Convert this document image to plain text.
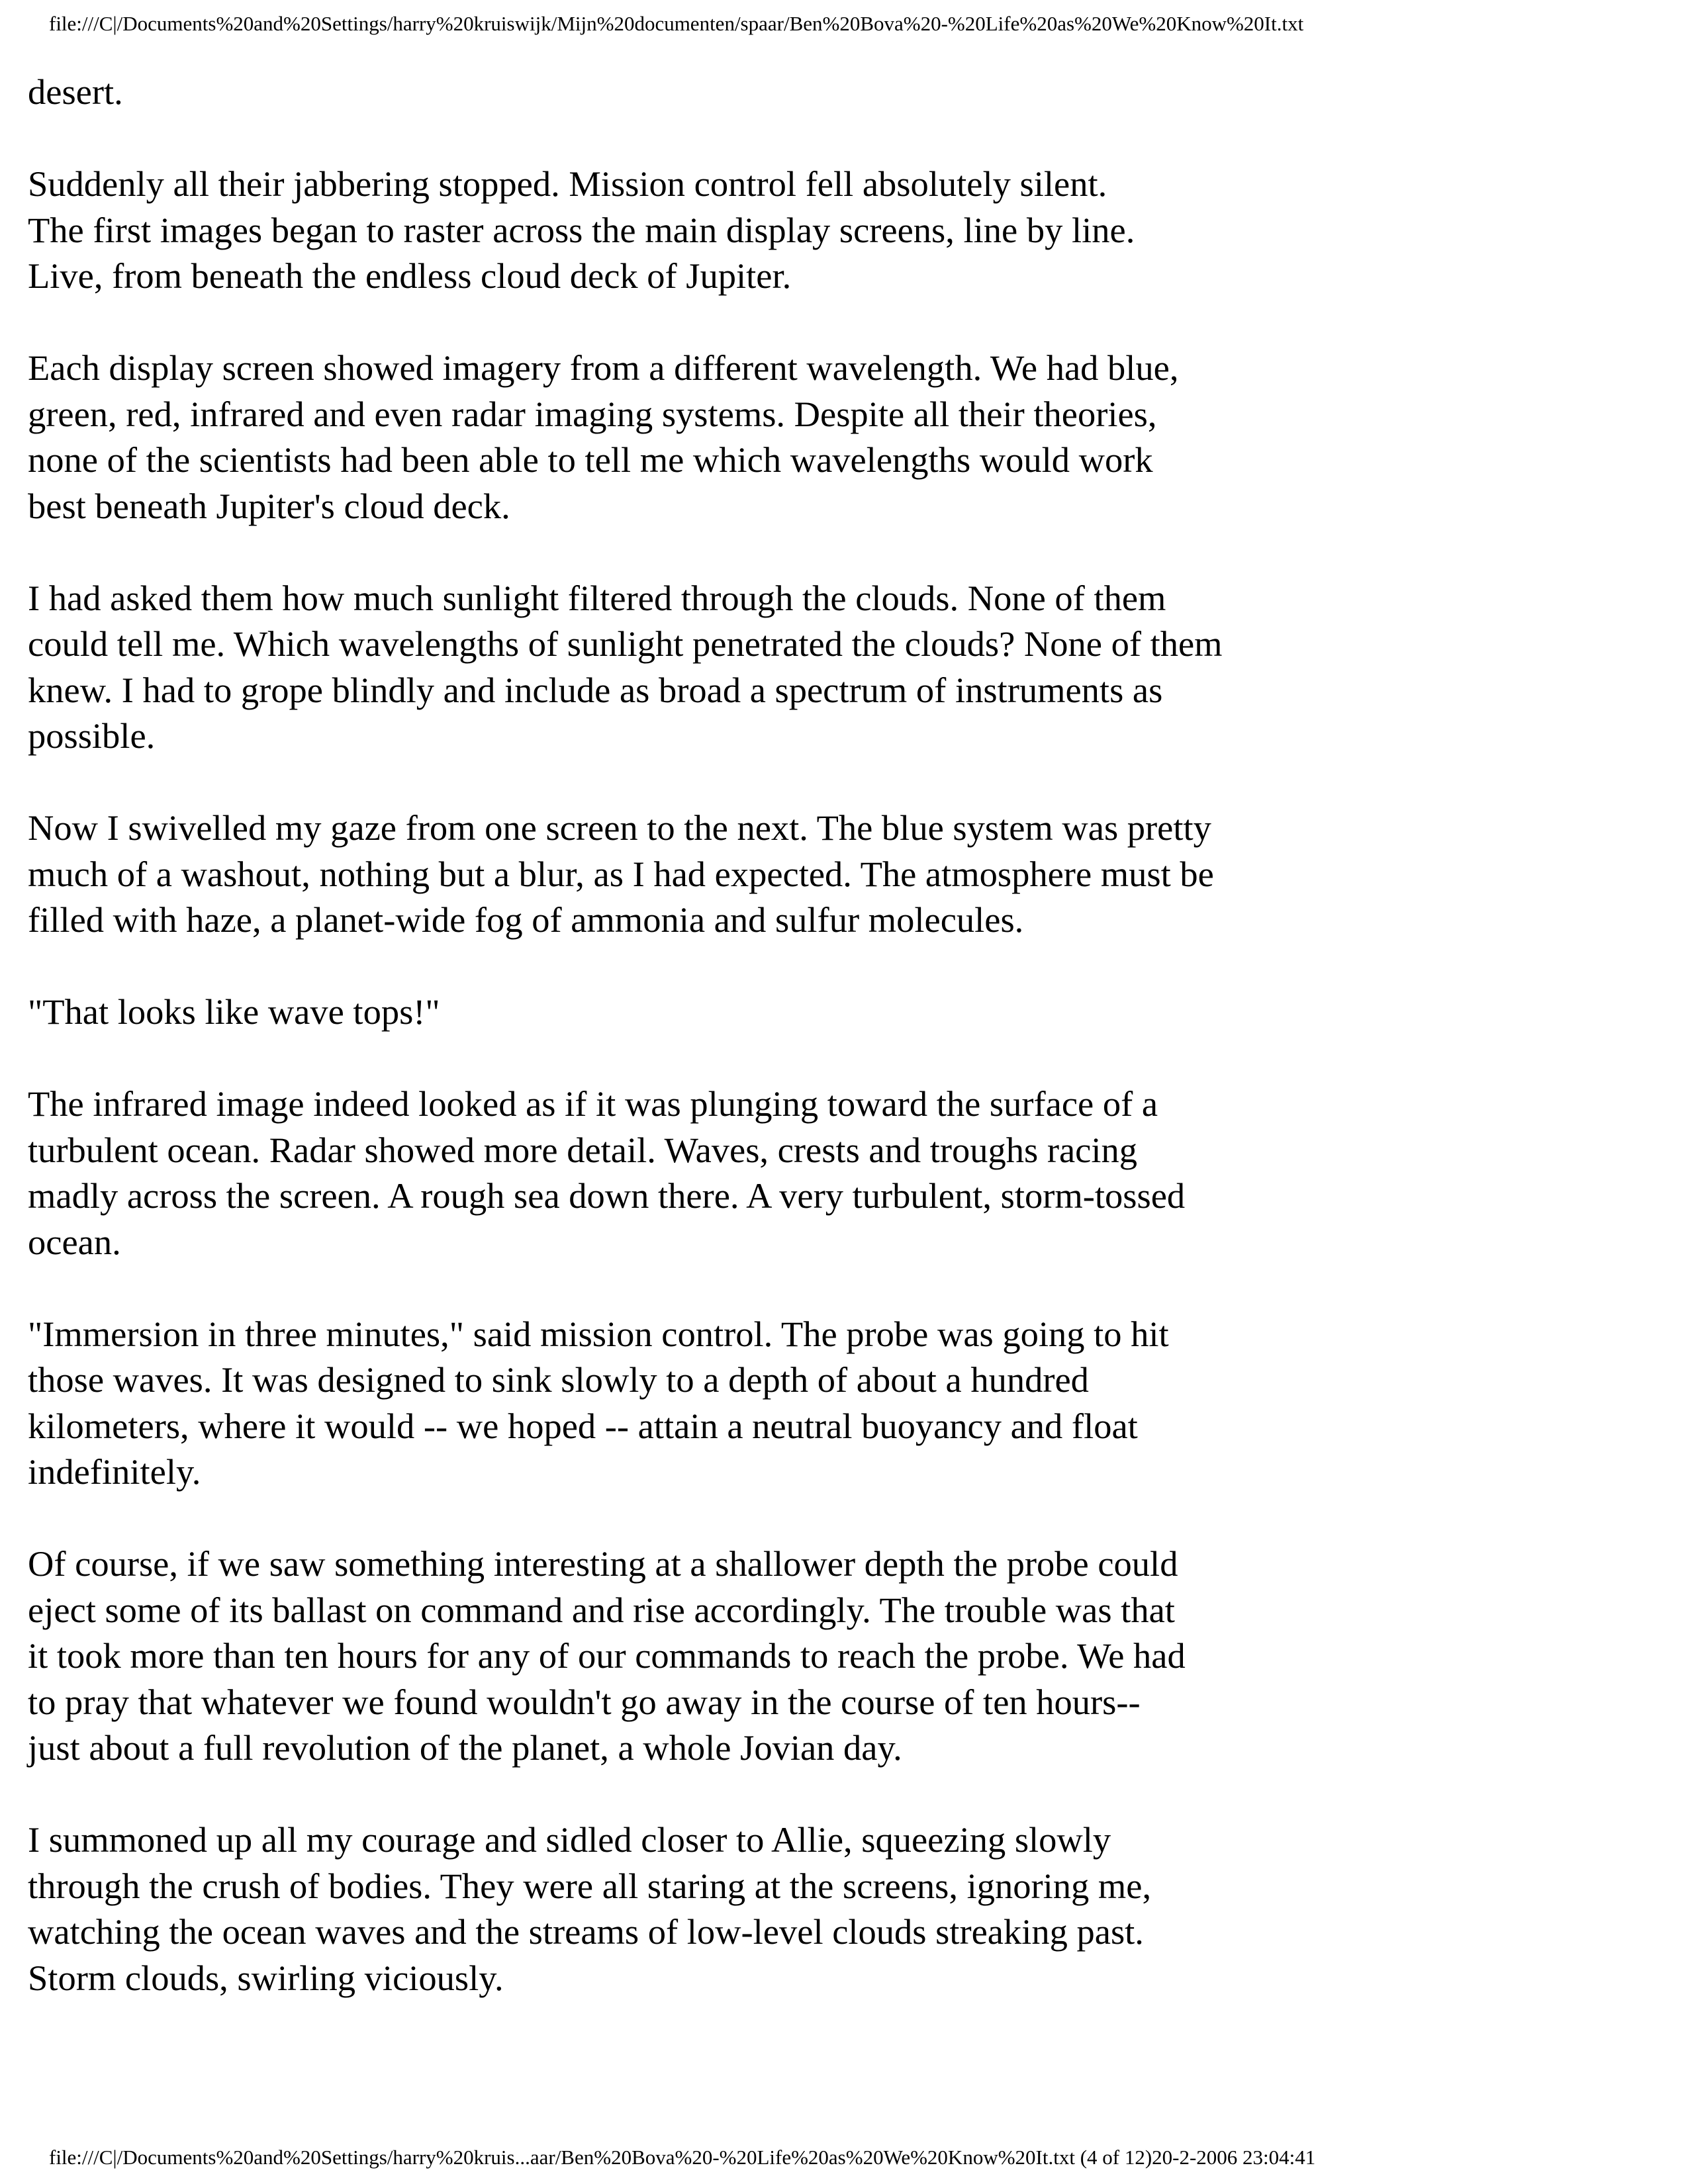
file:///C|/Documents%20and%20Settings/harry%20kruiswijk/Mijn%20documenten/spaar/Ben%20Bova%20-%20Life%20as%20We%20Know%20It.txt
desert.
Suddenly all their jabbering stopped. Mission control fell absolutely silent.
The first images began to raster across the main display screens, line by line.
Live, from beneath the endless cloud deck of Jupiter.
Each display screen showed imagery from a different wavelength. We had blue,
green, red, infrared and even radar imaging systems. Despite all their theories,
none of the scientists had been able to tell me which wavelengths would work
best beneath Jupiter's cloud deck.
I had asked them how much sunlight filtered through the clouds. None of them
could tell me. Which wavelengths of sunlight penetrated the clouds? None of them
knew. I had to grope blindly and include as broad a spectrum of instruments as
possible.
Now I swivelled my gaze from one screen to the next. The blue system was pretty
much of a washout, nothing but a blur, as I had expected. The atmosphere must be
filled with haze, a planet-wide fog of ammonia and sulfur molecules.
"That looks like wave tops!"
The infrared image indeed looked as if it was plunging toward the surface of a
turbulent ocean. Radar showed more detail. Waves, crests and troughs racing
madly across the screen. A rough sea down there. A very turbulent, storm-tossed
ocean.
"Immersion in three minutes," said mission control. The probe was going to hit
those waves. It was designed to sink slowly to a depth of about a hundred
kilometers, where it would -- we hoped -- attain a neutral buoyancy and float
indefinitely.
Of course, if we saw something interesting at a shallower depth the probe could
eject some of its ballast on command and rise accordingly. The trouble was that
it took more than ten hours for any of our commands to reach the probe. We had
to pray that whatever we found wouldn't go away in the course of ten hours--
just about a full revolution of the planet, a whole Jovian day.
I summoned up all my courage and sidled closer to Allie, squeezing slowly
through the crush of bodies. They were all staring at the screens, ignoring me,
watching the ocean waves and the streams of low-level clouds streaking past.
Storm clouds, swirling viciously.
file:///C|/Documents%20and%20Settings/harry%20kruis...aar/Ben%20Bova%20-%20Life%20as%20We%20Know%20It.txt (4 of 12)20-2-2006 23:04:41
